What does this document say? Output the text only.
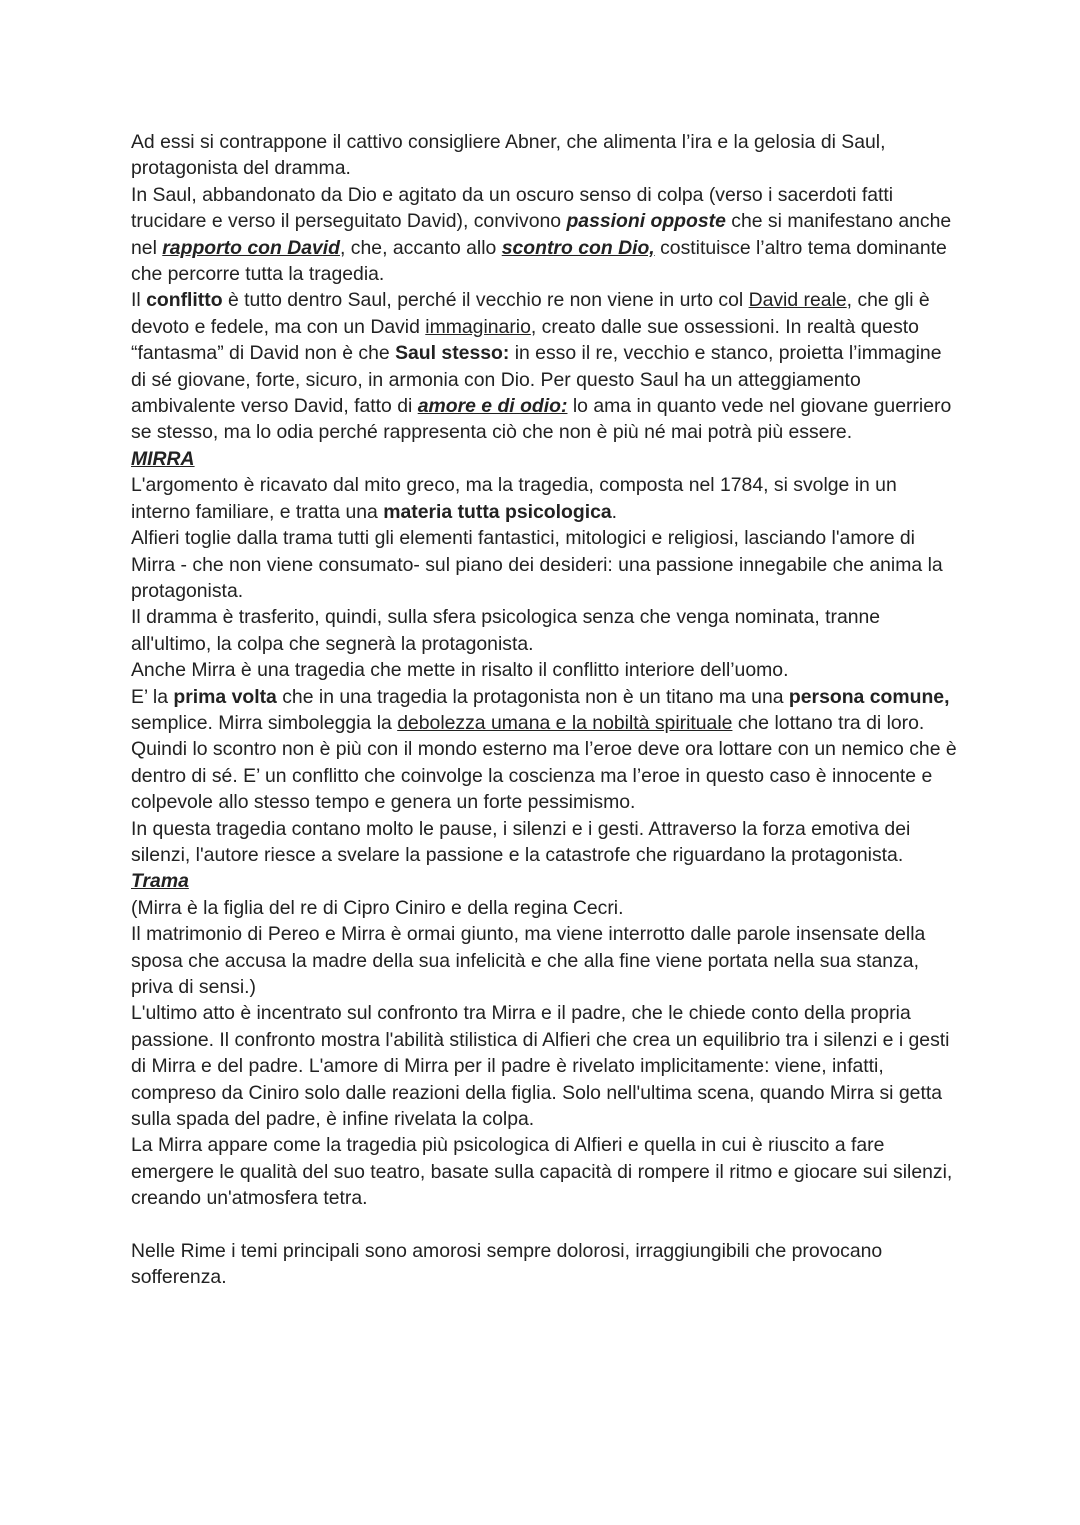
Ad essi si contrappone il cattivo consigliere Abner, che alimenta l’ira e la gelosia di Saul, protagonista del dramma.

In Saul, abbandonato da Dio e agitato da un oscuro senso di colpa (verso i sacerdoti fatti trucidare e verso il perseguitato David), convivono passioni opposte che si manifestano anche nel rapporto con David, che, accanto allo scontro con Dio, costituisce l’altro tema dominante che percorre tutta la tragedia.

Il conflitto è tutto dentro Saul, perché il vecchio re non viene in urto col David reale, che gli è devoto e fedele, ma con un David immaginario, creato dalle sue ossessioni. In realtà questo “fantasma” di David non è che Saul stesso: in esso il re, vecchio e stanco, proietta l’immagine di sé giovane, forte, sicuro, in armonia con Dio. Per questo Saul ha un atteggiamento ambivalente verso David, fatto di amore e di odio: lo ama in quanto vede nel giovane guerriero se stesso, ma lo odia perché rappresenta ciò che non è più né mai potrà più essere.

MIRRA

L'argomento è ricavato dal mito greco, ma la tragedia, composta nel 1784, si svolge in un interno familiare, e tratta una materia tutta psicologica.

Alfieri toglie dalla trama tutti gli elementi fantastici, mitologici e religiosi, lasciando l'amore di Mirra - che non viene consumato- sul piano dei desideri: una passione innegabile che anima la protagonista.

Il dramma è trasferito, quindi, sulla sfera psicologica senza che venga nominata, tranne all'ultimo, la colpa che segnerà la protagonista.

Anche Mirra è una tragedia che mette in risalto il conflitto interiore dell’uomo.

E’ la prima volta che in una tragedia la protagonista non è un titano ma una persona comune, semplice. Mirra simboleggia la debolezza umana e la nobiltà spirituale che lottano tra di loro. Quindi lo scontro non è più con il mondo esterno ma l’eroe deve ora lottare con un nemico che è dentro di sé. E’ un conflitto che coinvolge la coscienza ma l’eroe in questo caso è innocente e colpevole allo stesso tempo e genera un forte pessimismo.

In questa tragedia contano molto le pause, i silenzi e i gesti. Attraverso la forza emotiva dei silenzi, l'autore riesce a svelare la passione e la catastrofe che riguardano la protagonista.

Trama

(Mirra è la figlia del re di Cipro Ciniro e della regina Cecri.

Il matrimonio di Pereo e Mirra è ormai giunto, ma viene interrotto dalle parole insensate della sposa che accusa la madre della sua infelicità e che alla fine viene portata nella sua stanza, priva di sensi.)

L'ultimo atto è incentrato sul confronto tra Mirra e il padre, che le chiede conto della propria passione. Il confronto mostra l'abilità stilistica di Alfieri che crea un equilibrio tra i silenzi e i gesti di Mirra e del padre. L'amore di Mirra per il padre è rivelato implicitamente: viene, infatti, compreso da Ciniro solo dalle reazioni della figlia. Solo nell'ultima scena, quando Mirra si getta sulla spada del padre, è infine rivelata la colpa.

La Mirra appare come la tragedia più psicologica di Alfieri e quella in cui è riuscito a fare emergere le qualità del suo teatro, basate sulla capacità di rompere il ritmo e giocare sui silenzi, creando un'atmosfera tetra.

Nelle Rime i temi principali sono amorosi sempre dolorosi, irraggiungibili che provocano sofferenza.
